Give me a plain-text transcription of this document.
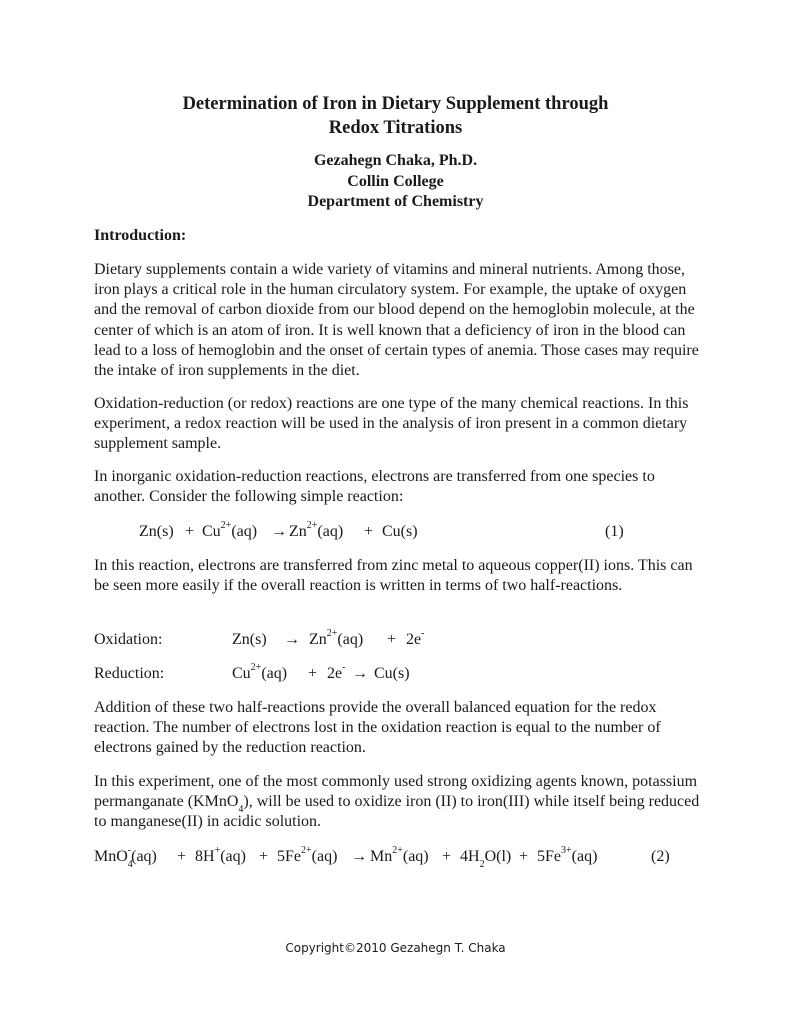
Determination of Iron in Dietary Supplement through
Redox Titrations
Gezahegn Chaka, Ph.D.
Collin College
Department of Chemistry
Introduction:
Dietary supplements contain a wide variety of vitamins and mineral nutrients. Among those, iron plays a critical role in the human circulatory system. For example, the uptake of oxygen and the removal of carbon dioxide from our blood depend on the hemoglobin molecule, at the center of which is an atom of iron. It is well known that a deficiency of iron in the blood can lead to a loss of hemoglobin and the onset of certain types of anemia. Those cases may require the intake of iron supplements in the diet.
Oxidation-reduction (or redox) reactions are one type of the many chemical reactions. In this experiment, a redox reaction will be used in the analysis of iron present in a common dietary supplement sample.
In inorganic oxidation-reduction reactions, electrons are transferred from one species to another. Consider the following simple reaction:
$Zn(s) + Cu^{2+}(aq) \to Zn^{2+}(aq) + Cu(s)$	(1)
In this reaction, electrons are transferred from zinc metal to aqueous copper(II) ions. This can be seen more easily if the overall reaction is written in terms of two half-reactions.
Oxidation:	$Zn(s) \to Zn^{2+}(aq) + 2e^-$
Reduction:	$Cu^{2+}(aq) + 2e^- \to Cu(s)$
Addition of these two half-reactions provide the overall balanced equation for the redox reaction. The number of electrons lost in the oxidation reaction is equal to the number of electrons gained by the reduction reaction.
In this experiment, one of the most commonly used strong oxidizing agents known, potassium permanganate (KMnO$_4$), will be used to oxidize iron (II) to iron(III) while itself being reduced to manganese(II) in acidic solution.
$MnO_4^-(aq) + 8H^+(aq) + 5Fe^{2+}(aq) \to Mn^{2+}(aq) + 4H_2O(l) + 5Fe^{3+}(aq)$	(2)
Copyright©2010 Gezahegn T. Chaka
